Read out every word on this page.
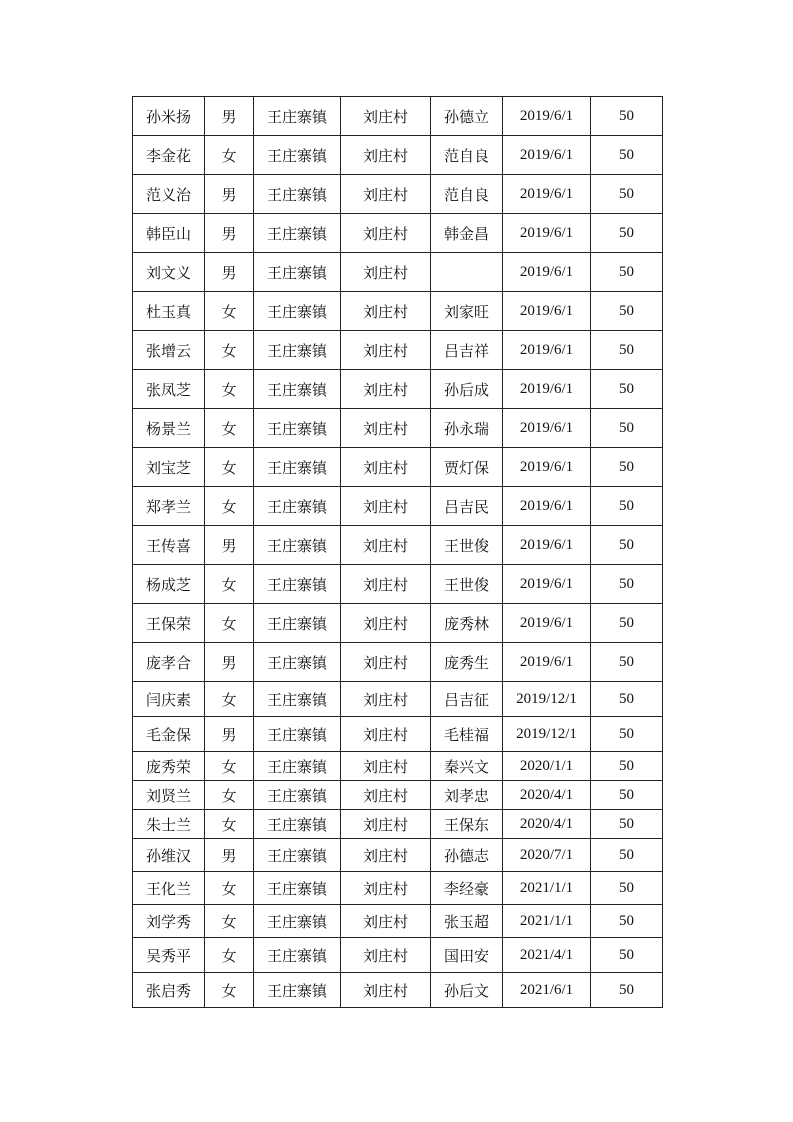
孙米扬	男	王庄寨镇	刘庄村	孙德立	2019/6/1	50
李金花	女	王庄寨镇	刘庄村	范自良	2019/6/1	50
范义治	男	王庄寨镇	刘庄村	范自良	2019/6/1	50
韩臣山	男	王庄寨镇	刘庄村	韩金昌	2019/6/1	50
刘文义	男	王庄寨镇	刘庄村		2019/6/1	50
杜玉真	女	王庄寨镇	刘庄村	刘家旺	2019/6/1	50
张增云	女	王庄寨镇	刘庄村	吕吉祥	2019/6/1	50
张凤芝	女	王庄寨镇	刘庄村	孙后成	2019/6/1	50
杨景兰	女	王庄寨镇	刘庄村	孙永瑞	2019/6/1	50
刘宝芝	女	王庄寨镇	刘庄村	贾灯保	2019/6/1	50
郑孝兰	女	王庄寨镇	刘庄村	吕吉民	2019/6/1	50
王传喜	男	王庄寨镇	刘庄村	王世俊	2019/6/1	50
杨成芝	女	王庄寨镇	刘庄村	王世俊	2019/6/1	50
王保荣	女	王庄寨镇	刘庄村	庞秀林	2019/6/1	50
庞孝合	男	王庄寨镇	刘庄村	庞秀生	2019/6/1	50
闫庆素	女	王庄寨镇	刘庄村	吕吉征	2019/12/1	50
毛金保	男	王庄寨镇	刘庄村	毛桂福	2019/12/1	50
庞秀荣	女	王庄寨镇	刘庄村	秦兴文	2020/1/1	50
刘贤兰	女	王庄寨镇	刘庄村	刘孝忠	2020/4/1	50
朱士兰	女	王庄寨镇	刘庄村	王保东	2020/4/1	50
孙维汉	男	王庄寨镇	刘庄村	孙德志	2020/7/1	50
王化兰	女	王庄寨镇	刘庄村	李经豪	2021/1/1	50
刘学秀	女	王庄寨镇	刘庄村	张玉超	2021/1/1	50
吴秀平	女	王庄寨镇	刘庄村	国田安	2021/4/1	50
张启秀	女	王庄寨镇	刘庄村	孙后文	2021/6/1	50
